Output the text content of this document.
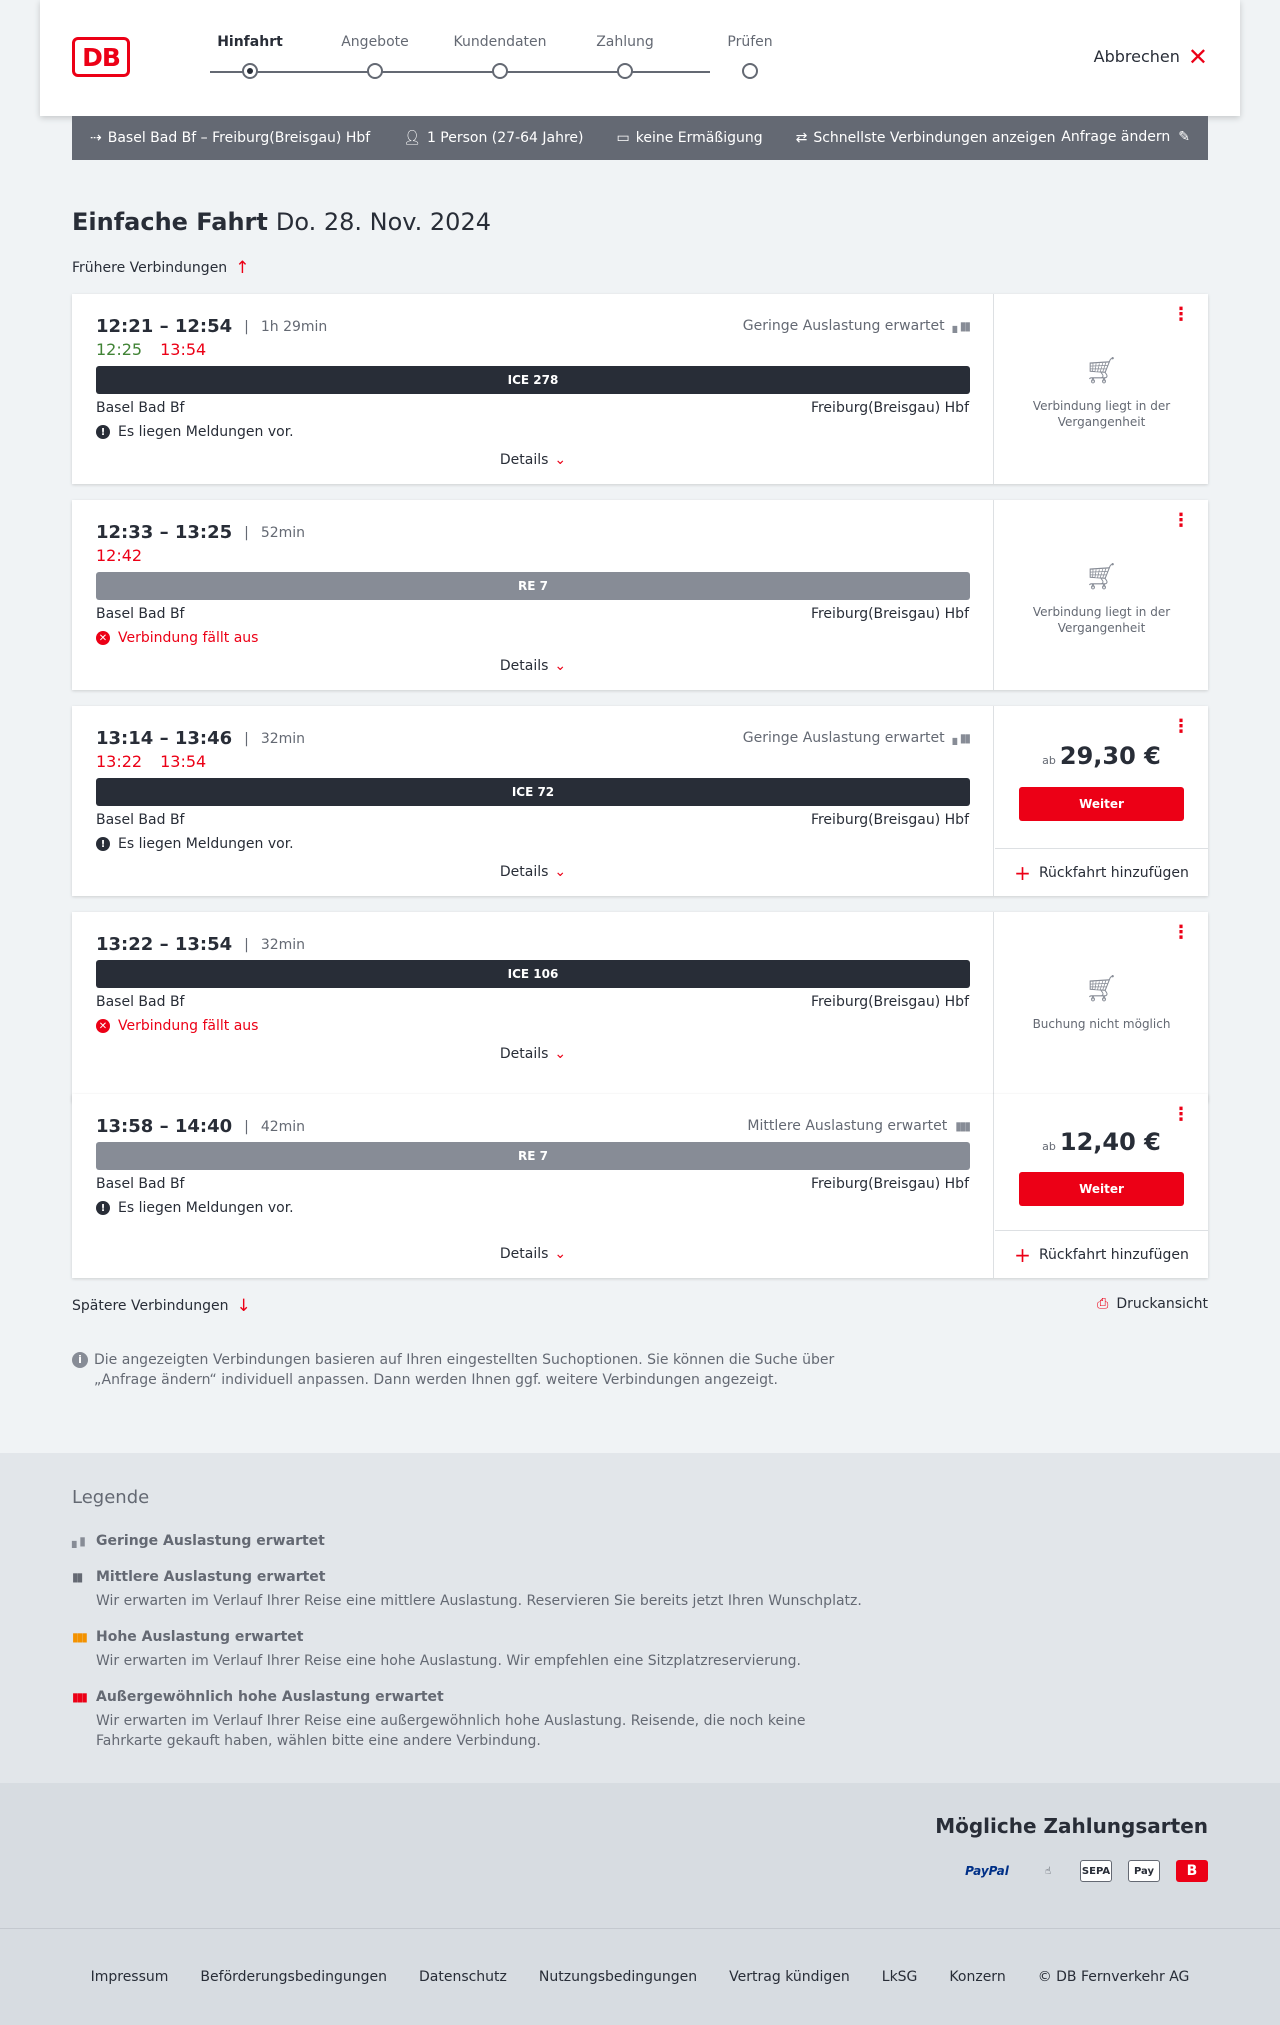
DB
Hinfahrt	Angebote	Kundendaten	Zahlung	Prüfen
Abbrechen ✕
⇢ Basel Bad Bf – Freiburg(Breisgau) Hbf 👤︎ 1 Person (27-64 Jahre) ▭ keine Ermäßigung ⇄ Schnellste Verbindungen anzeigen Anfrage ändern ✎
Einfache Fahrt Do. 28. Nov. 2024
Frühere Verbindungen ↑
12:21 – 12:54 | 1h 29min
12:25 13:54
Geringe Auslastung erwartet ▖▮▮
ICE 278
Basel Bad Bf	Freiburg(Breisgau) Hbf
! Es liegen Meldungen vor.
Details ⌄
⋮
🛒︎
Verbindung liegt in der Vergangenheit
12:33 – 13:25 | 52min
12:42
RE 7
Basel Bad Bf	Freiburg(Breisgau) Hbf
✕ Verbindung fällt aus
Details ⌄
⋮
🛒︎
Verbindung liegt in der Vergangenheit
13:14 – 13:46 | 32min
13:22 13:54
Geringe Auslastung erwartet ▖▮▮
ICE 72
Basel Bad Bf	Freiburg(Breisgau) Hbf
! Es liegen Meldungen vor.
Details ⌄
⋮
ab 29,30 €
Weiter
+ Rückfahrt hinzufügen
13:22 – 13:54 | 32min
ICE 106
Basel Bad Bf	Freiburg(Breisgau) Hbf
✕ Verbindung fällt aus
Details ⌄
⋮
🛒︎
Buchung nicht möglich
13:58 – 14:40 | 42min	Mittlere Auslastung erwartet ▮▮▮
RE 7
Basel Bad Bf	Freiburg(Breisgau) Hbf
! Es liegen Meldungen vor.
Details ⌄
⋮
ab 12,40 €
Weiter
+ Rückfahrt hinzufügen
Spätere Verbindungen ↓	⎙ Druckansicht
i Die angezeigten Verbindungen basieren auf Ihren eingestellten Suchoptionen. Sie können die Suche über „Anfrage ändern“ individuell anpassen. Dann werden Ihnen ggf. weitere Verbindungen angezeigt.
Legende
▖▮ Geringe Auslastung erwartet
▮▮	Mittlere Auslastung erwartet
Wir erwarten im Verlauf Ihrer Reise eine mittlere Auslastung. Reservieren Sie bereits jetzt Ihren Wunschplatz.
▮▮▮ Hohe Auslastung erwartet
Wir erwarten im Verlauf Ihrer Reise eine hohe Auslastung. Wir empfehlen eine Sitzplatzreservierung.
▮▮▮ Außergewöhnlich hohe Auslastung erwartet
Wir erwarten im Verlauf Ihrer Reise eine außergewöhnlich hohe Auslastung. Reisende, die noch keine Fahrkarte gekauft haben, wählen bitte eine andere Verbindung.
Mögliche Zahlungsarten
PayPal	☝︎	SEPA	Pay	B
Impressum Beförderungsbedingungen Datenschutz Nutzungsbedingungen Vertrag kündigen LkSG Konzern © DB Fernverkehr AG
